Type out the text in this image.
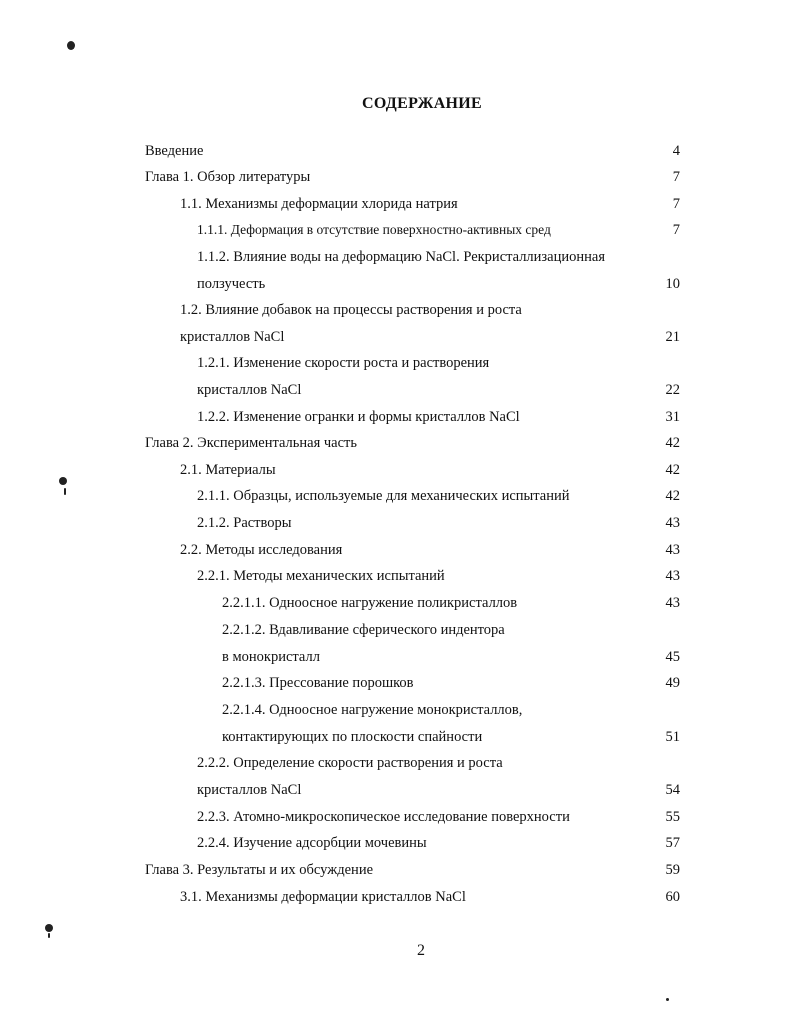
СОДЕРЖАНИЕ
Введение	4
Глава 1. Обзор литературы	7
1.1. Механизмы деформации хлорида натрия	7
1.1.1. Деформация в отсутствие поверхностно-активных сред	7
1.1.2. Влияние воды на деформацию NaCl. Рекристаллизационная
ползучесть	10
1.2. Влияние добавок на процессы растворения и роста
кристаллов NaCl	21
1.2.1. Изменение скорости роста и растворения
кристаллов NaCl	22
1.2.2. Изменение огранки и формы кристаллов NaCl	31
Глава 2. Экспериментальная часть	42
2.1. Материалы	42
2.1.1. Образцы, используемые для механических испытаний	42
2.1.2. Растворы	43
2.2. Методы исследования	43
2.2.1. Методы механических испытаний	43
2.2.1.1. Одноосное нагружение поликристаллов	43
2.2.1.2. Вдавливание сферического индентора
в монокристалл	45
2.2.1.3. Прессование порошков	49
2.2.1.4. Одноосное нагружение монокристаллов,
контактирующих по плоскости спайности	51
2.2.2. Определение скорости растворения и роста
кристаллов NaCl	54
2.2.3. Атомно-микроскопическое исследование поверхности	55
2.2.4. Изучение адсорбции мочевины	57
Глава 3. Результаты и их обсуждение	59
3.1. Механизмы деформации кристаллов NaCl	60
2
